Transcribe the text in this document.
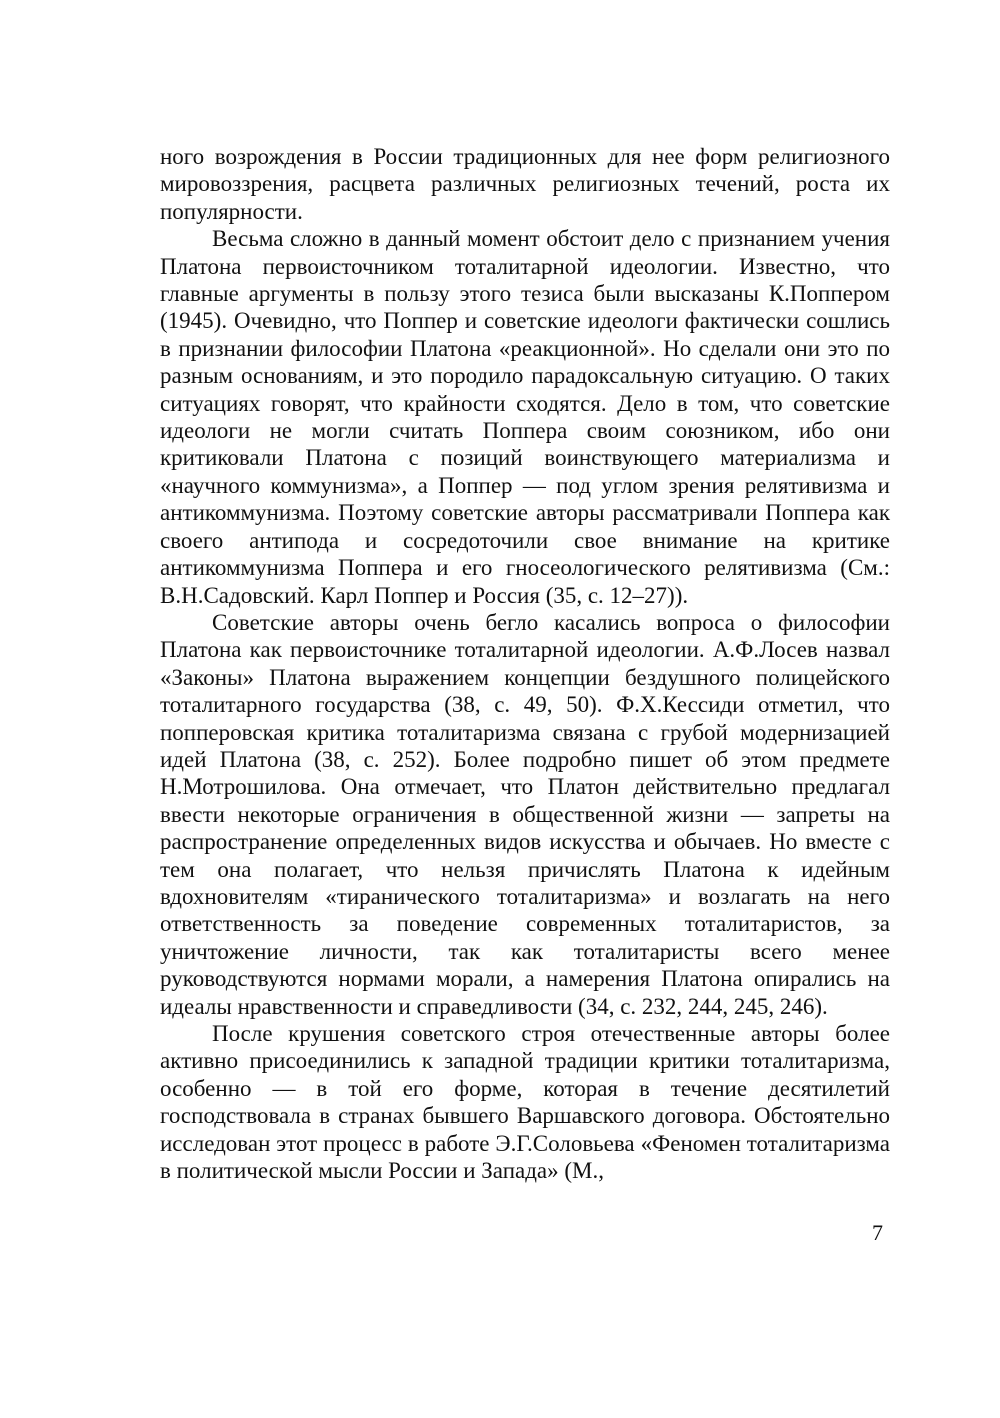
ного возрождения в России традиционных для нее форм религиозного мировоззрения, расцвета различных религиозных течений, роста их популярности.

Весьма сложно в данный момент обстоит дело с признанием учения Платона первоисточником тоталитарной идеологии. Известно, что главные аргументы в пользу этого тезиса были высказаны К.Поппером (1945). Очевидно, что Поппер и советские идеологи фактически сошлись в признании философии Платона «реакционной». Но сделали они это по разным основаниям, и это породило парадоксальную ситуацию. О таких ситуациях говорят, что крайности сходятся. Дело в том, что советские идеологи не могли считать Поппера своим союзником, ибо они критиковали Платона с позиций воинствующего материализма и «научного коммунизма», а Поппер — под углом зрения релятивизма и антикоммунизма. Поэтому советские авторы рассматривали Поппера как своего антипода и сосредоточили свое внимание на критике антикоммунизма Поппера и его гносеологического релятивизма (См.: В.Н.Садовский. Карл Поппер и Россия (35, с. 12–27)).

Советские авторы очень бегло касались вопроса о философии Платона как первоисточнике тоталитарной идеологии. А.Ф.Лосев назвал «Законы» Платона выражением концепции бездушного полицейского тоталитарного государства (38, с. 49, 50). Ф.Х.Кессиди отметил, что попперовская критика тоталитаризма связана с грубой модернизацией идей Платона (38, с. 252). Более подробно пишет об этом предмете Н.Мотрошилова. Она отмечает, что Платон действительно предлагал ввести некоторые ограничения в общественной жизни — запреты на распространение определенных видов искусства и обычаев. Но вместе с тем она полагает, что нельзя причислять Платона к идейным вдохновителям «тиранического тоталитаризма» и возлагать на него ответственность за поведение современных тоталитаристов, за уничтожение личности, так как тоталитаристы всего менее руководствуются нормами морали, а намерения Платона опирались на идеалы нравственности и справедливости (34, с. 232, 244, 245, 246).

После крушения советского строя отечественные авторы более активно присоединились к западной традиции критики тоталитаризма, особенно — в той его форме, которая в течение десятилетий господствовала в странах бывшего Варшавского договора. Обстоятельно исследован этот процесс в работе Э.Г.Соловьева «Феномен тоталитаризма в политической мысли России и Запада» (М.,

7
